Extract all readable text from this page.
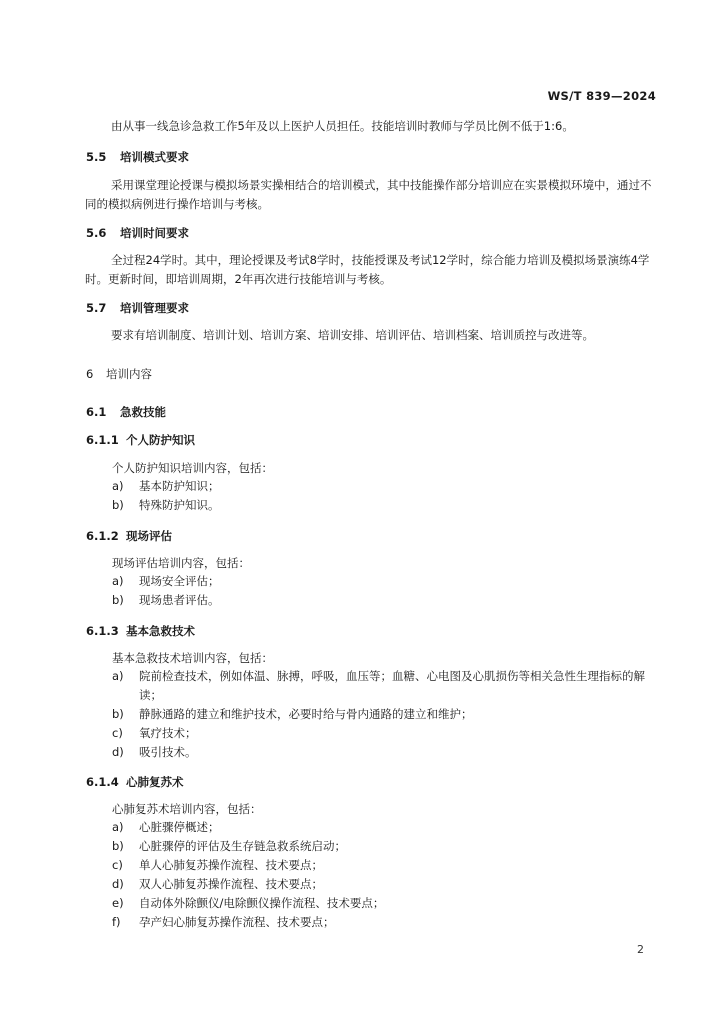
WS/T 839—2024
由从事一线急诊急救工作5年及以上医护人员担任。技能培训时教师与学员比例不低于1:6。
5.5 培训模式要求
采用课堂理论授课与模拟场景实操相结合的培训模式，其中技能操作部分培训应在实景模拟环境中，通过不同的模拟病例进行操作培训与考核。
5.6 培训时间要求
全过程24学时。其中，理论授课及考试8学时，技能授课及考试12学时，综合能力培训及模拟场景演练4学时。更新时间，即培训周期，2年再次进行技能培训与考核。
5.7 培训管理要求
要求有培训制度、培训计划、培训方案、培训安排、培训评估、培训档案、培训质控与改进等。
6 培训内容
6.1 急救技能
6.1.1 个人防护知识
个人防护知识培训内容，包括：
a) 基本防护知识；
b) 特殊防护知识。
6.1.2 现场评估
现场评估培训内容，包括：
a) 现场安全评估；
b) 现场患者评估。
6.1.3 基本急救技术
基本急救技术培训内容，包括：
a) 院前检查技术，例如体温、脉搏，呼吸，血压等；血糖、心电图及心肌损伤等相关急性生理指标的解读；
b) 静脉通路的建立和维护技术，必要时给与骨内通路的建立和维护；
c) 氧疗技术；
d) 吸引技术。
6.1.4 心肺复苏术
心肺复苏术培训内容，包括：
a) 心脏骤停概述；
b) 心脏骤停的评估及生存链急救系统启动；
c) 单人心肺复苏操作流程、技术要点；
d) 双人心肺复苏操作流程、技术要点；
e) 自动体外除颤仪/电除颤仪操作流程、技术要点；
f) 孕产妇心肺复苏操作流程、技术要点；
2
